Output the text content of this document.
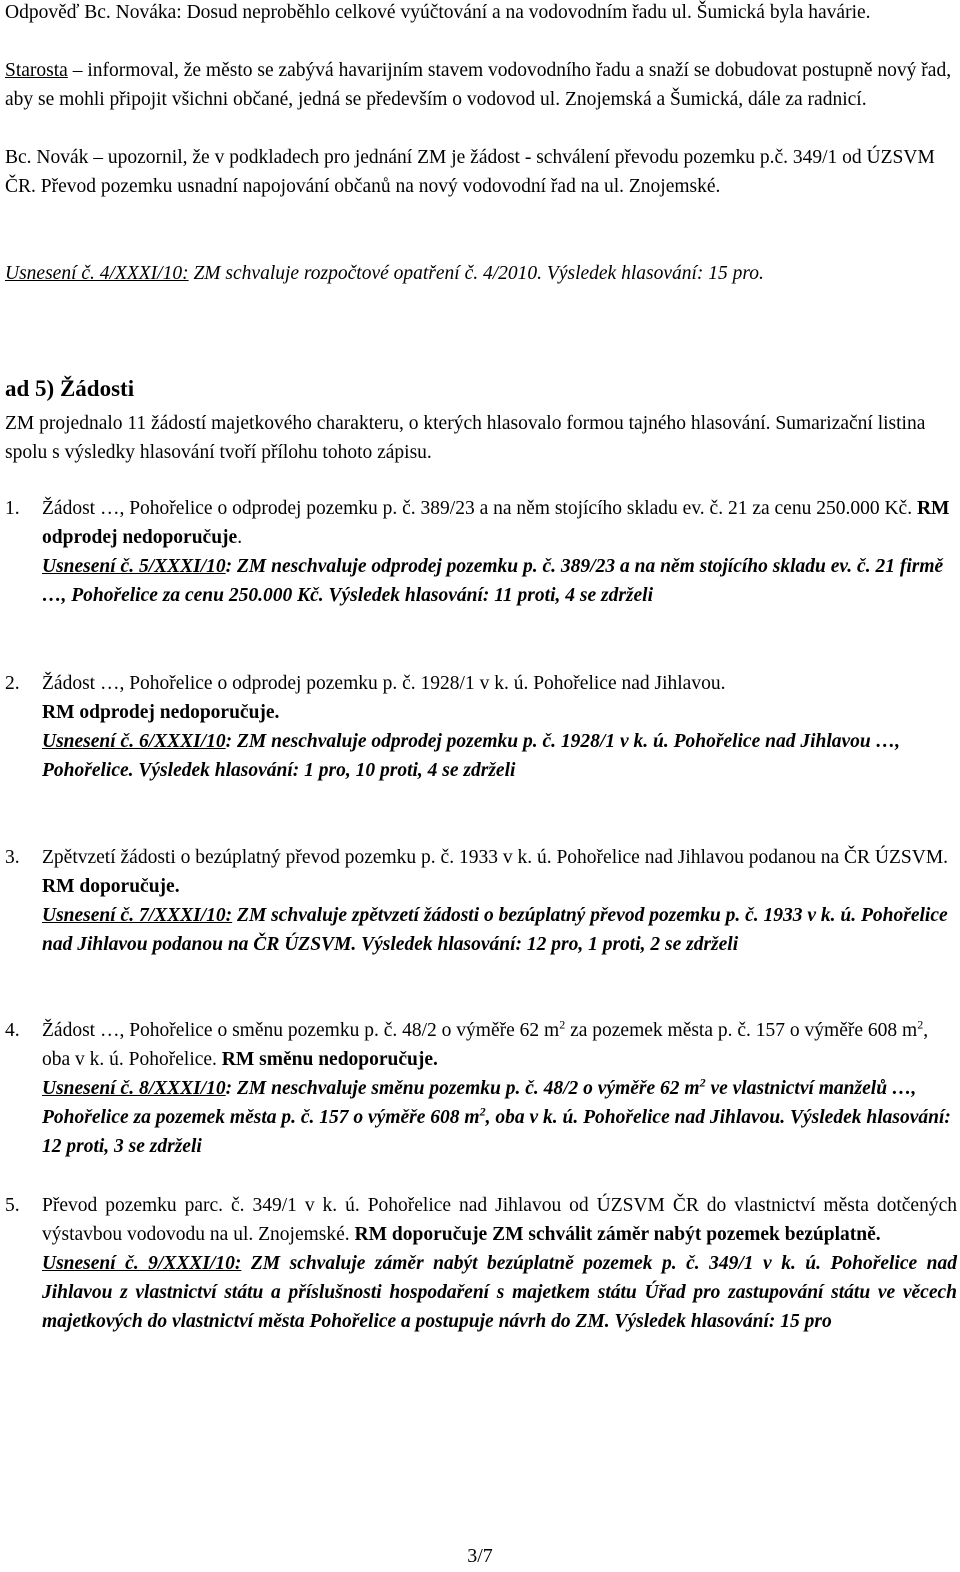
Odpověď Bc. Nováka: Dosud neproběhlo celkové vyúčtování a na vodovodním řadu ul. Šumická byla havárie.
Starosta – informoval, že město se zabývá havarijním stavem vodovodního řadu a snaží se dobudovat postupně nový řad, aby se mohli připojit všichni občané, jedná se především o vodovod ul. Znojemská a Šumická, dále za radnicí.
Bc. Novák – upozornil, že v podkladech pro jednání ZM je žádost - schválení převodu pozemku p.č. 349/1 od ÚZSVM ČR. Převod pozemku usnadní napojování občanů na nový vodovodní řad na ul. Znojemské.
Usnesení č. 4/XXXI/10: ZM schvaluje rozpočtové opatření č. 4/2010. Výsledek hlasování: 15 pro.
ad 5) Žádosti
ZM projednalo 11 žádostí majetkového charakteru, o kterých hlasovalo formou tajného hlasování. Sumarizační listina spolu s výsledky hlasování tvoří přílohu tohoto zápisu.
1. Žádost …, Pohořelice o odprodej pozemku p. č. 389/23 a na něm stojícího skladu ev. č. 21 za cenu 250.000 Kč. RM odprodej nedoporučuje.
Usnesení č. 5/XXXI/10: ZM neschvaluje odprodej pozemku p. č. 389/23 a na něm stojícího skladu ev. č. 21 firmě …, Pohořelice za cenu 250.000 Kč. Výsledek hlasování: 11 proti, 4 se zdrželi
2. Žádost …, Pohořelice o odprodej pozemku p. č. 1928/1 v k. ú. Pohořelice nad Jihlavou.
RM odprodej nedoporučuje.
Usnesení č. 6/XXXI/10: ZM neschvaluje odprodej pozemku p. č. 1928/1 v k. ú. Pohořelice nad Jihlavou …, Pohořelice. Výsledek hlasování: 1 pro, 10 proti, 4 se zdrželi
3. Zpětvzetí žádosti o bezúplatný převod pozemku p. č. 1933 v k. ú. Pohořelice nad Jihlavou podanou na ČR ÚZSVM. RM doporučuje.
Usnesení č. 7/XXXI/10: ZM schvaluje zpětvzetí žádosti o bezúplatný převod pozemku p. č. 1933 v k. ú. Pohořelice nad Jihlavou podanou na ČR ÚZSVM. Výsledek hlasování: 12 pro, 1 proti, 2 se zdrželi
4. Žádost …, Pohořelice o směnu pozemku p. č. 48/2 o výměře 62 $m^2$ za pozemek města p. č. 157 o výměře 608 $m^2$, oba v k. ú. Pohořelice. RM směnu nedoporučuje.
Usnesení č. 8/XXXI/10: ZM neschvaluje směnu pozemku p. č. 48/2 o výměře 62 $m^2$ ve vlastnictví manželů …, Pohořelice za pozemek města p. č. 157 o výměře 608 $m^2$, oba v k. ú. Pohořelice nad Jihlavou. Výsledek hlasování: 12 proti, 3 se zdrželi
5. Převod pozemku parc. č. 349/1 v k. ú. Pohořelice nad Jihlavou od ÚZSVM ČR do vlastnictví města dotčených výstavbou vodovodu na ul. Znojemské. RM doporučuje ZM schválit záměr nabýt pozemek bezúplatně.
Usnesení č. 9/XXXI/10: ZM schvaluje záměr nabýt bezúplatně pozemek p. č. 349/1 v k. ú. Pohořelice nad Jihlavou z vlastnictví státu a příslušnosti hospodaření s majetkem státu Úřad pro zastupování státu ve věcech majetkových do vlastnictví města Pohořelice a postupuje návrh do ZM. Výsledek hlasování: 15 pro
3/7
